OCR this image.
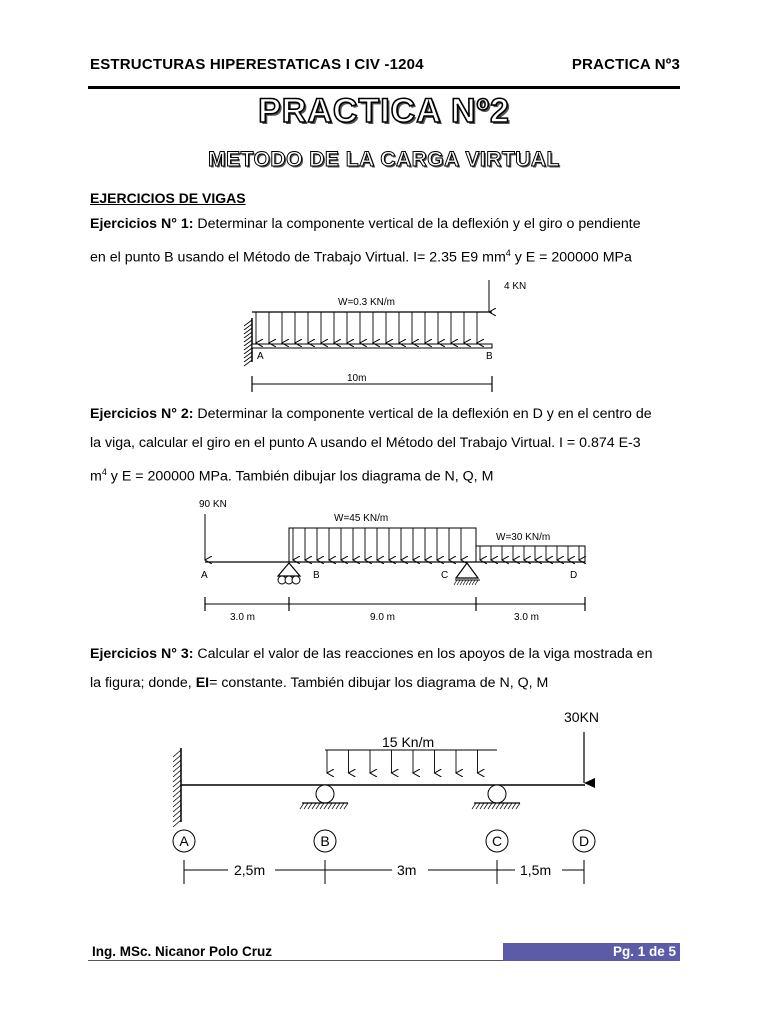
ESTRUCTURAS HIPERESTATICAS I CIV -1204	PRACTICA Nº3
PRACTICA Nº2
METODO DE LA CARGA VIRTUAL
EJERCICIOS DE VIGAS
Ejercicios N° 1: Determinar la componente vertical de la deflexión y el giro o pendiente
en el punto B usando el Método de Trabajo Virtual. I= 2.35 E9 $mm^4$ y E = 200000 MPa
Ejercicios N° 2: Determinar la componente vertical de la deflexión en D y en el centro de
la viga, calcular el giro en el punto A usando el Método del Trabajo Virtual. I = 0.874 E-3
$m^4$ y E = 200000 MPa. También dibujar los diagrama de N, Q, M
Ejercicios N° 3: Calcular el valor de las reacciones en los apoyos de la viga mostrada en
la figura; donde, EI= constante. También dibujar los diagrama de N, Q, M
W=0.3 KN/m
4 KN
A	B
10m
90 KN
W=45 KN/m
W=30 KN/m
A	B	C	D
3.0 m	9.0 m	3.0 m
15 Kn/m
30KN
A	B	C	D
2,5m	3m	1,5m
Ing. MSc. Nicanor Polo Cruz	Pg. 1 de 5
